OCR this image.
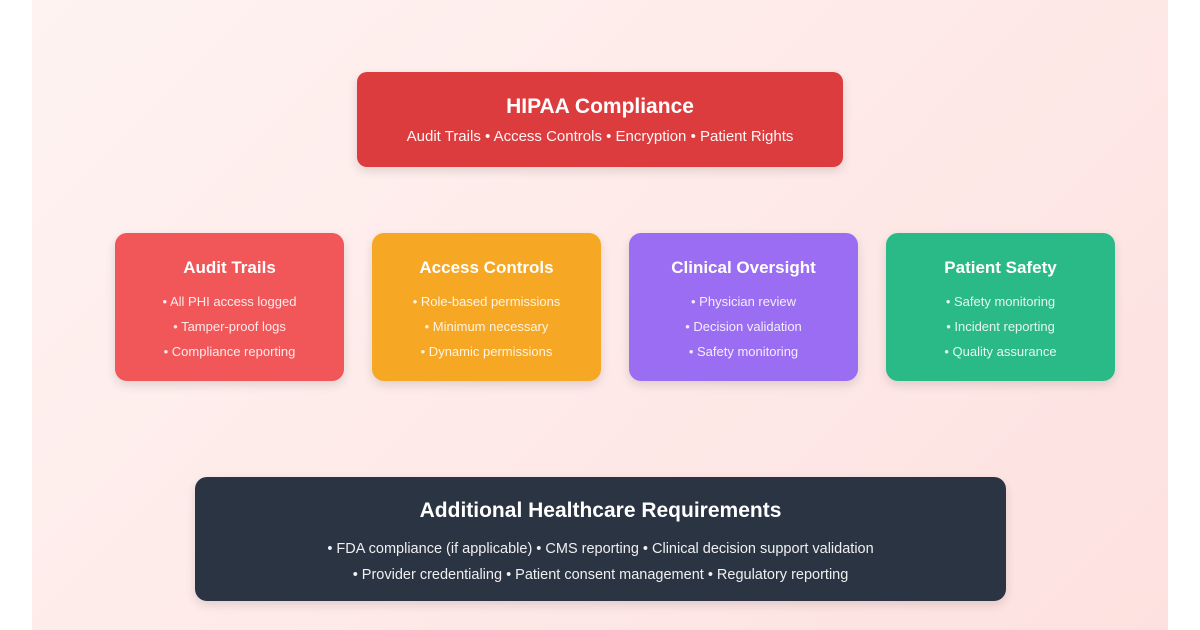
HIPAA Compliance
Audit Trails • Access Controls • Encryption • Patient Rights
Audit Trails
• All PHI access logged
• Tamper-proof logs
• Compliance reporting
Access Controls
• Role-based permissions
• Minimum necessary
• Dynamic permissions
Clinical Oversight
• Physician review
• Decision validation
• Safety monitoring
Patient Safety
• Safety monitoring
• Incident reporting
• Quality assurance
Additional Healthcare Requirements
• FDA compliance (if applicable) • CMS reporting • Clinical decision support validation
• Provider credentialing • Patient consent management • Regulatory reporting
